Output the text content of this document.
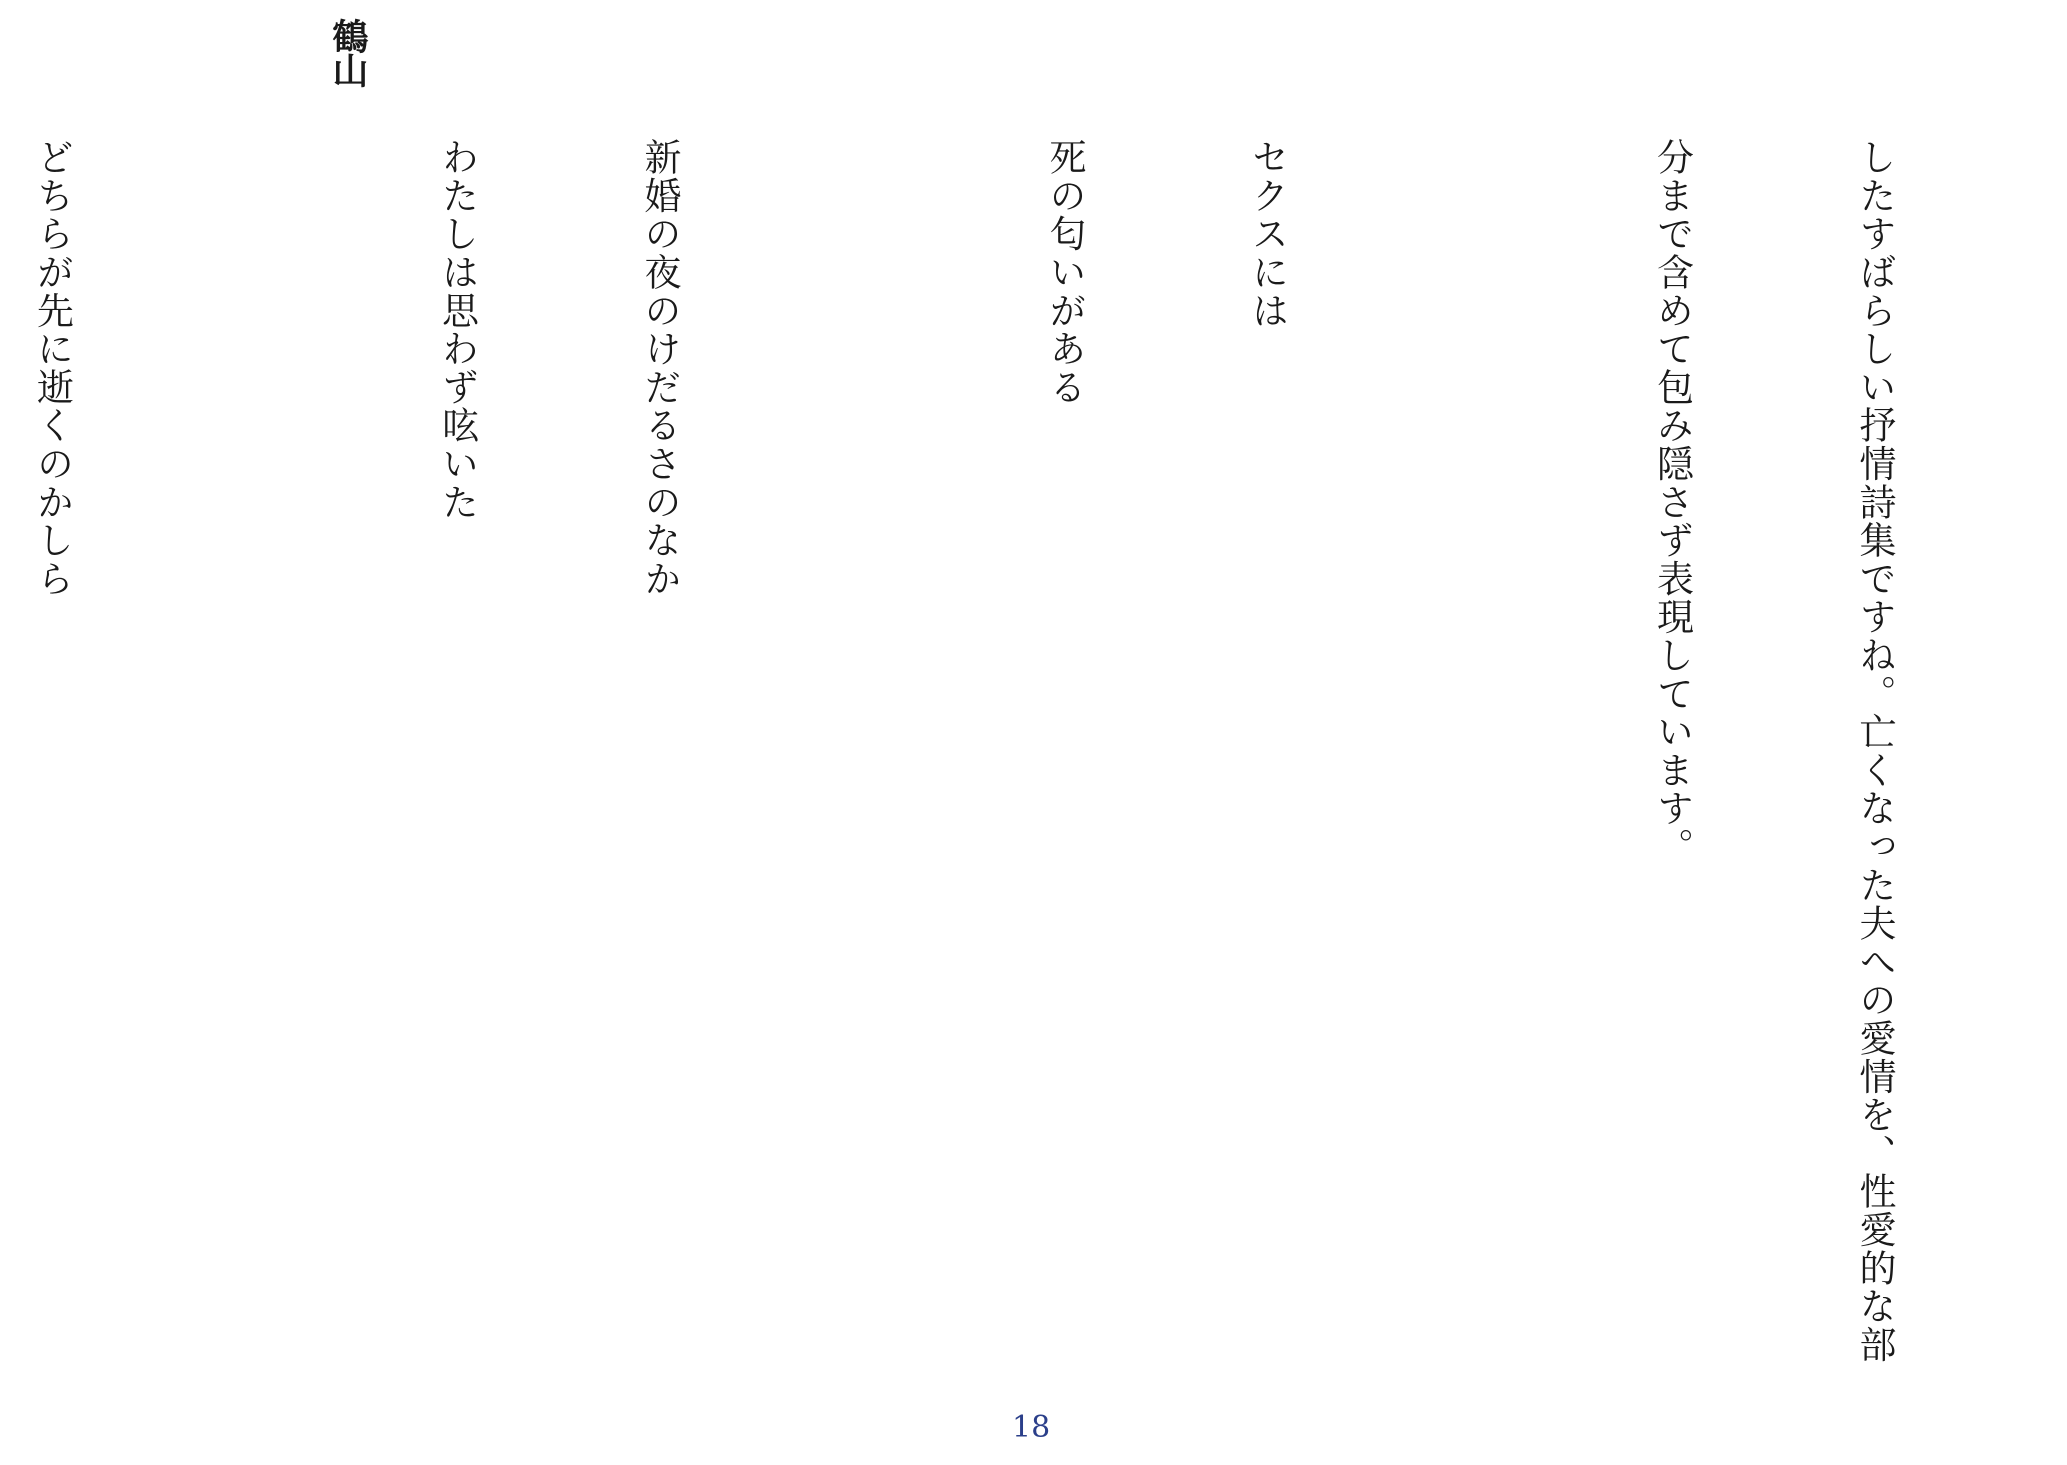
したすばらしい抒情詩集ですね。亡くなった夫への愛情を、性愛的な部

分まで含めて包み隠さず表現しています。

セクスには

死の匂いがある

新婚の夜のけだるさのなか

わたしは思わず呟いた

どちらが先に逝くのかしら

鶴山
18
